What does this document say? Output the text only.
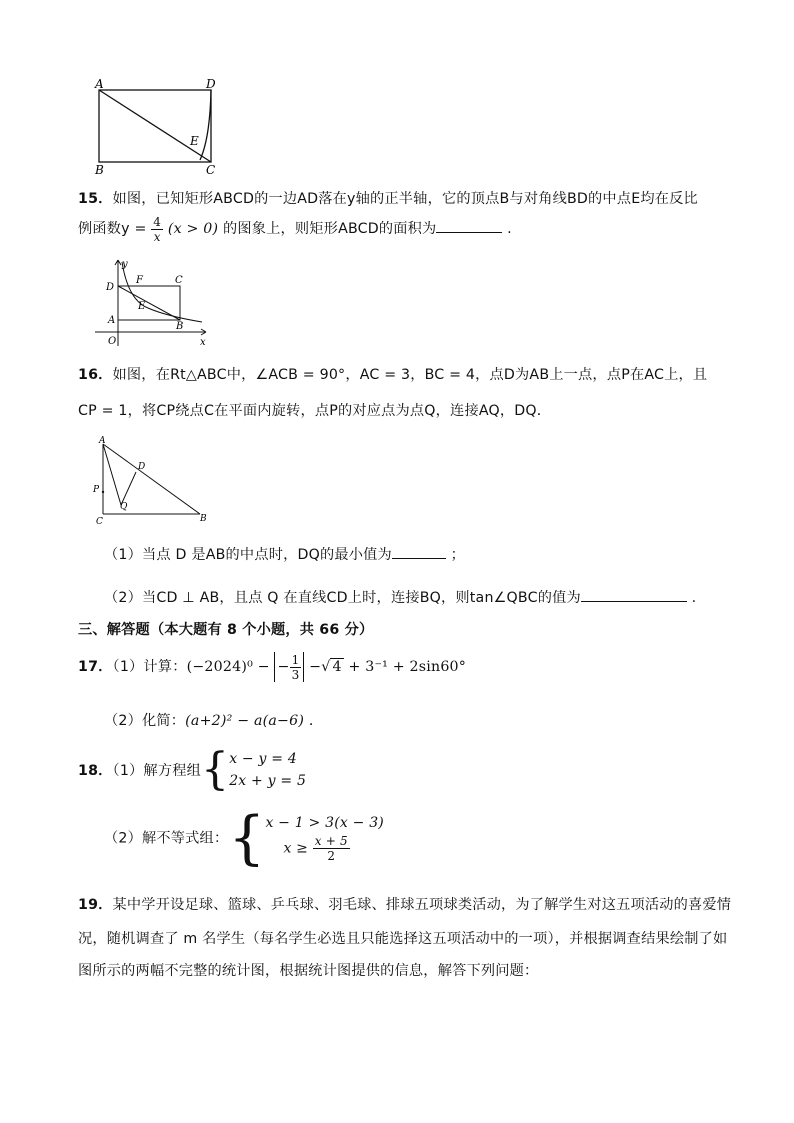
A	D
B	C
E
15．如图，已知矩形ABCD的一边AD落在y轴的正半轴，它的顶点B与对角线BD的中点E均在反比
例函数$y = \frac{4}{x} (x > 0)$ 的图象上，则矩形ABCD的面积为	.
y
F	C
D
E
A
B
O	x
16．如图，在Rt△ABC中，∠ACB = 90°，AC = 3，BC = 4，点D为AB上一点，点P在AC上，且
CP = 1，将CP绕点C在平面内旋转，点P的对应点为点Q，连接AQ，DQ．
A
D
P
Q
C	B
（1）当点 D 是AB的中点时，DQ的最小值为	；
（2）当CD ⊥ AB，且点 Q 在直线CD上时，连接BQ，则tan∠QBC的值为	.
三、解答题（本大题有 8 个小题，共 66 分）
17．（1）计算：(−2024)⁰ − − $\frac{1}{3}$ −√ 4 + 3⁻¹ + 2sin60°
（2）化简：(a+2)² − a(a−6) ．
18．（1）解方程组{ x − y = 4
2x + y = 5
（2）解不等式组：{ x − 1 > 3(x − 3)
$x \ge \frac{x + 5}{2}$
19．某中学开设足球、篮球、乒乓球、羽毛球、排球五项球类活动，为了解学生对这五项活动的喜爱情
况，随机调查了 m 名学生（每名学生必选且只能选择这五项活动中的一项），并根据调查结果绘制了如
图所示的两幅不完整的统计图，根据统计图提供的信息，解答下列问题：
